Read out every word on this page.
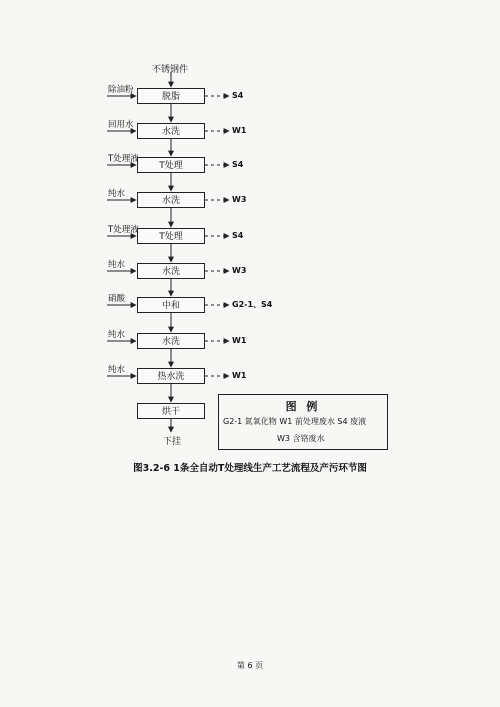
不锈钢件
下挂
脱脂
除油粉
S4
水洗
回用水
W1
T处理
T处理液
S4
水洗
纯水
W3
T处理
T处理液
S4
水洗
纯水
W3
中和
硝酸
G2-1、S4
水洗
纯水
W1
热水洗
纯水
W1
烘干	图 例
G2-1 氮氧化物 W1 前处理废水 S4 废液
W3 含铬废水
图3.2-6 1条全自动T处理线生产工艺流程及产污环节图
第 6 页
